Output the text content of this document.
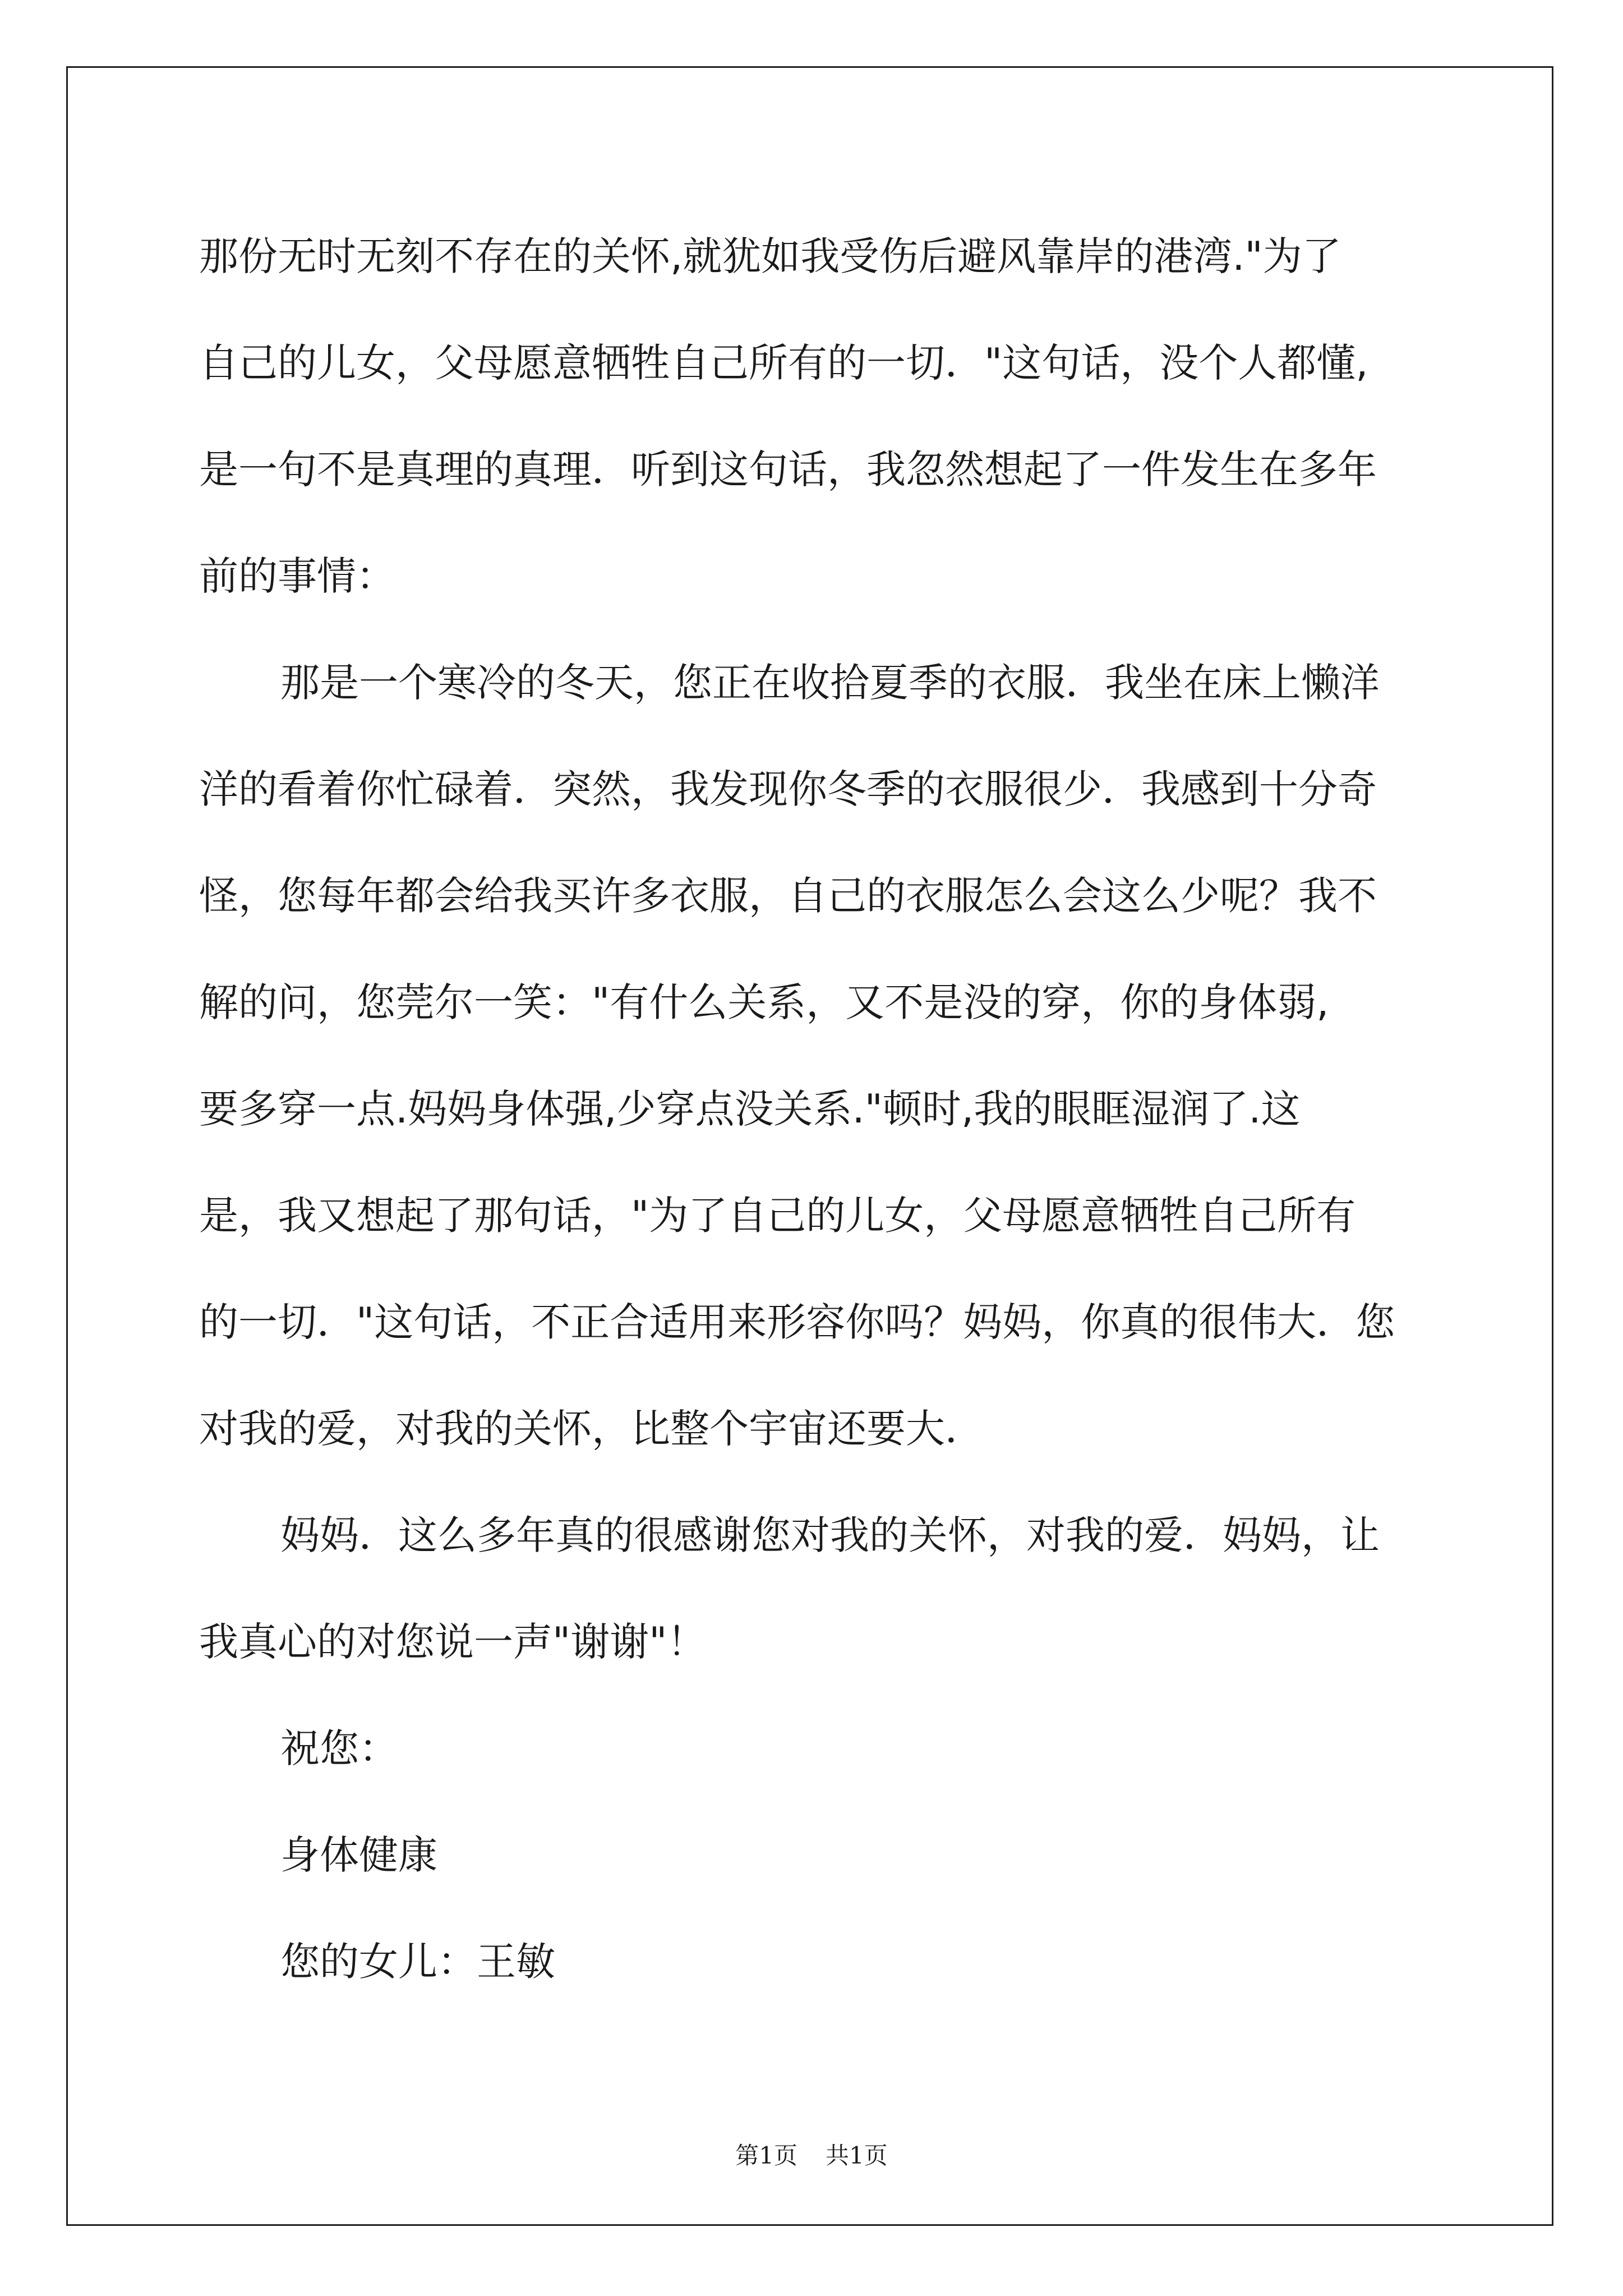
那份无时无刻不存在的关怀,就犹如我受伤后避风靠岸的港湾."为了
自己的儿女，父母愿意牺牲自己所有的一切．"这句话，没个人都懂,
是一句不是真理的真理．听到这句话，我忽然想起了一件发生在多年
前的事情：
那是一个寒冷的冬天，您正在收拾夏季的衣服．我坐在床上懒洋
洋的看着你忙碌着．突然，我发现你冬季的衣服很少．我感到十分奇
怪，您每年都会给我买许多衣服，自己的衣服怎么会这么少呢？我不
解的问，您莞尔一笑："有什么关系，又不是没的穿，你的身体弱,
要多穿一点.妈妈身体强,少穿点没关系."顿时,我的眼眶湿润了.这
是，我又想起了那句话，"为了自己的儿女，父母愿意牺牲自己所有
的一切．"这句话，不正合适用来形容你吗？妈妈，你真的很伟大．您
对我的爱，对我的关怀，比整个宇宙还要大．
妈妈．这么多年真的很感谢您对我的关怀，对我的爱．妈妈，让
我真心的对您说一声"谢谢"！
祝您：
身体健康
您的女儿：王敏
第1页 共1页
